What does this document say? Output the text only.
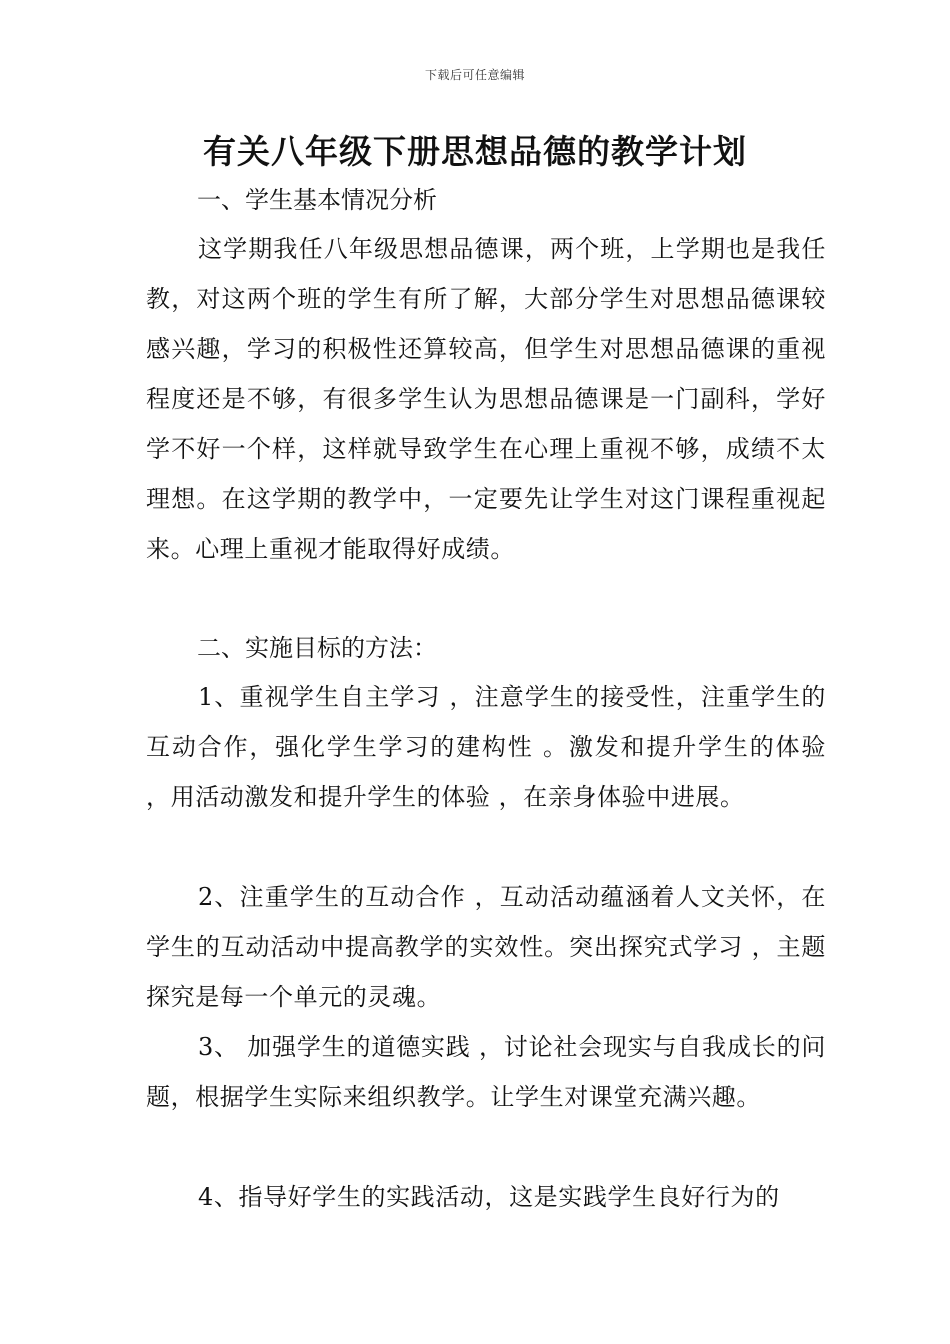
下载后可任意编辑
有关八年级下册思想品德的教学计划
一、学生基本情况分析

这学期我任八年级思想品德课，两个班，上学期也是我任教，对这两个班的学生有所了解，大部分学生对思想品德课较感兴趣，学习的积极性还算较高，但学生对思想品德课的重视程度还是不够，有很多学生认为思想品德课是一门副科，学好学不好一个样，这样就导致学生在心理上重视不够，成绩不太理想。在这学期的教学中，一定要先让学生对这门课程重视起来。心理上重视才能取得好成绩。

二、实施目标的方法：

1、重视学生自主学习 ，注意学生的接受性，注重学生的互动合作，强化学生学习的建构性 。激发和提升学生的体验 ，用活动激发和提升学生的体验 ，在亲身体验中进展。

2、注重学生的互动合作 ，互动活动蕴涵着人文关怀，在学生的互动活动中提高教学的实效性。突出探究式学习 ，主题探究是每一个单元的灵魂。

3、 加强学生的道德实践 ，讨论社会现实与自我成长的问题，根据学生实际来组织教学。让学生对课堂充满兴趣。

4、指导好学生的实践活动，这是实践学生良好行为的
